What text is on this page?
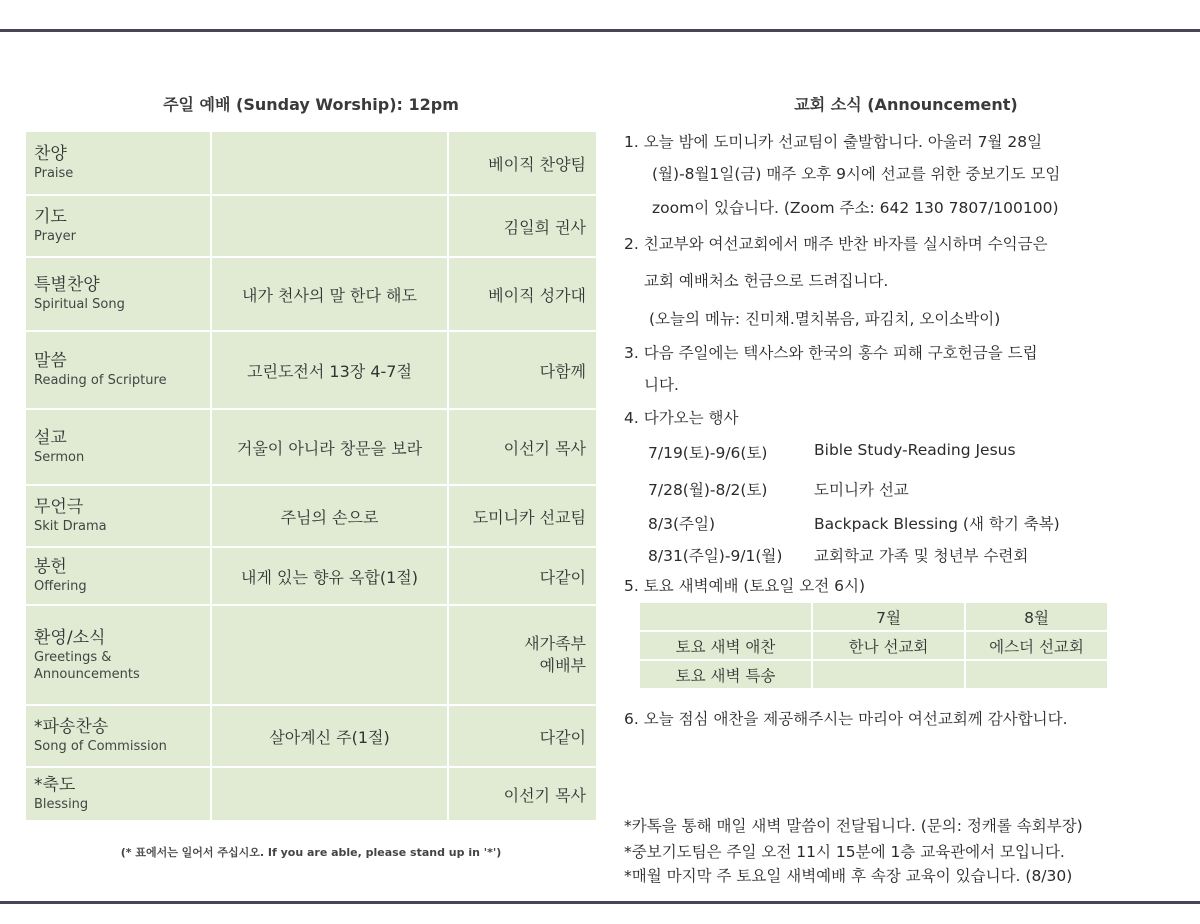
주일 예배 (Sunday Worship): 12pm
찬양
Praise		베이직 찬양팀

기도
Prayer		김일희 권사

특별찬양
Spiritual Song	내가 천사의 말 한다 해도	베이직 성가대

말씀
Reading of Scripture	고린도전서 13장 4-7절	다함께

설교
Sermon	거울이 아니라 창문을 보라	이선기 목사

무언극
Skit Drama	주님의 손으로	도미니카 선교팀

봉헌
Offering	내게 있는 향유 옥합(1절)	다같이

환영/소식
Greetings & Announcements		새가족부 예배부

*파송찬송
Song of Commission	살아계신 주(1절)	다같이

*축도
Blessing		이선기 목사
(* 표에서는 일어서 주십시오. If you are able, please stand up in '*')
교회 소식 (Announcement)
1. 오늘 밤에 도미니카 선교팀이 출발합니다. 아울러 7월 28일
(월)-8월1일(금) 매주 오후 9시에 선교를 위한 중보기도 모임
zoom이 있습니다. (Zoom 주소: 642 130 7807/100100)
2. 친교부와 여선교회에서 매주 반찬 바자를 실시하며 수익금은
교회 예배처소 헌금으로 드려집니다.
(오늘의 메뉴: 진미채.멸치볶음, 파김치, 오이소박이)
3. 다음 주일에는 텍사스와 한국의 홍수 피해 구호헌금을 드립
니다.
4. 다가오는 행사
7/19(토)-9/6(토)	Bible Study-Reading Jesus
7/28(월)-8/2(토)	도미니카 선교
8/3(주일)	Backpack Blessing (새 학기 축복)
8/31(주일)-9/1(월) 교회학교 가족 및 청년부 수련회
5. 토요 새벽예배 (토요일 오전 6시)
	7월	8월
토요 새벽 애찬	한나 선교회	에스더 선교회
토요 새벽 특송		
6. 오늘 점심 애찬을 제공해주시는 마리아 여선교회께 감사합니다.
*카톡을 통해 매일 새벽 말씀이 전달됩니다. (문의: 정캐롤 속회부장)
*중보기도팀은 주일 오전 11시 15분에 1층 교육관에서 모입니다.
*매월 마지막 주 토요일 새벽예배 후 속장 교육이 있습니다. (8/30)
